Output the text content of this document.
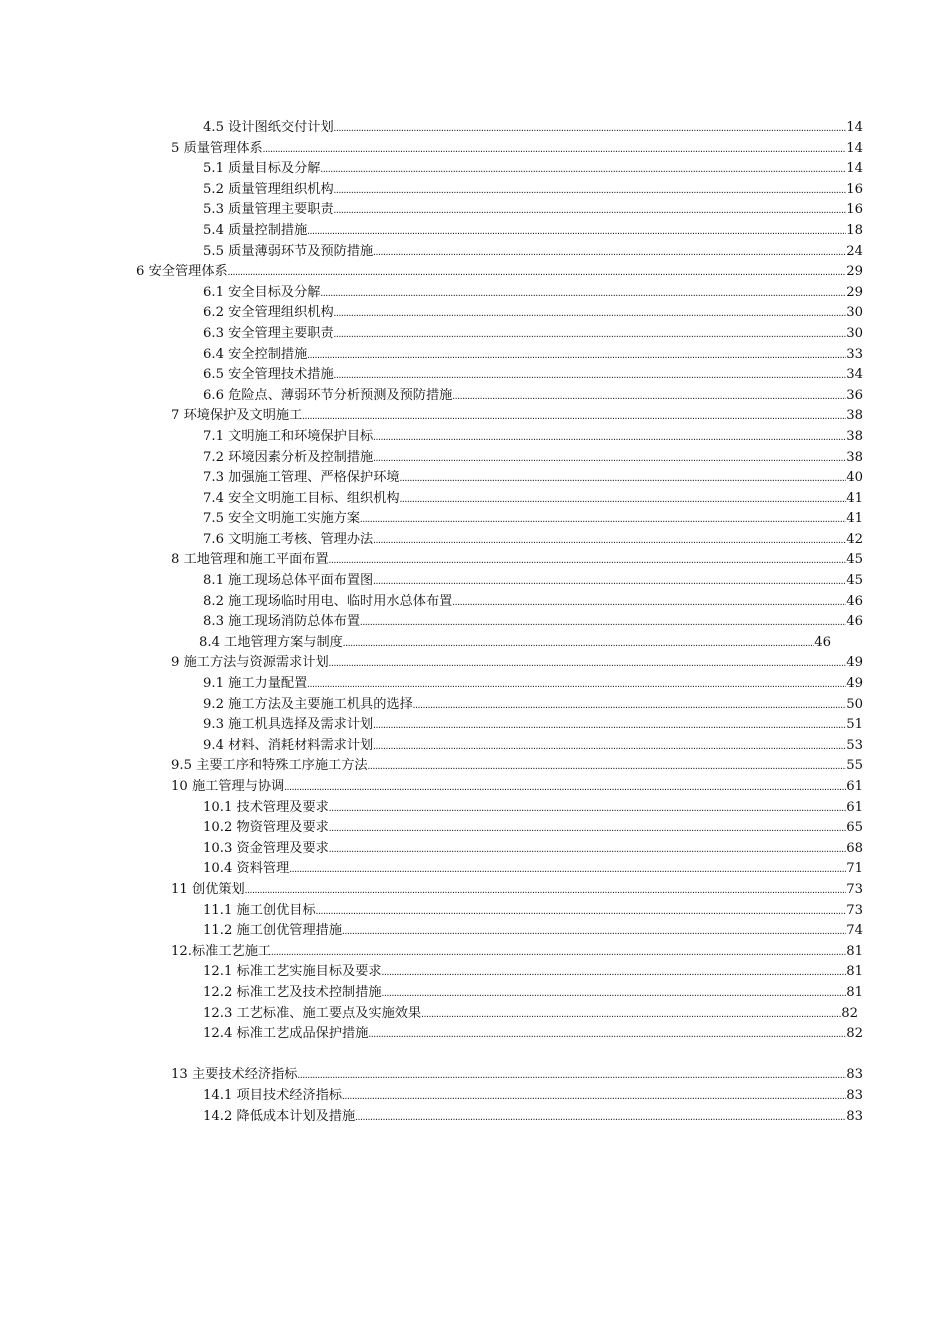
4.5 设计图纸交付计划 .....	14
5 质量管理体系 .....	14
5.1 质量目标及分解 .....	14
5.2 质量管理组织机构 .....	16
5.3 质量管理主要职责 .....	16
5.4 质量控制措施 .....	18
5.5 质量薄弱环节及预防措施 .....	24
6 安全管理体系 .....	29
6.1 安全目标及分解 .....	29
6.2 安全管理组织机构 .....	30
6.3 安全管理主要职责 .....	30
6.4 安全控制措施 .....	33
6.5 安全管理技术措施 .....	34
6.6 危险点、薄弱环节分析预测及预防措施 .....	36
7 环境保护及文明施工 .....	38
7.1 文明施工和环境保护目标 .....	38
7.2 环境因素分析及控制措施 .....	38
7.3 加强施工管理、严格保护环境 .....	40
7.4 安全文明施工目标、组织机构 .....	41
7.5 安全文明施工实施方案 .....	41
7.6 文明施工考核、管理办法 .....	42
8 工地管理和施工平面布置 .....	45
8.1 施工现场总体平面布置图 .....	45
8.2 施工现场临时用电、临时用水总体布置 .....	46
8.3 施工现场消防总体布置 .....	46
8.4 工地管理方案与制度 .....	46
9 施工方法与资源需求计划 .....	49
9.1 施工力量配置 .....	49
9.2 施工方法及主要施工机具的选择 .....	50
9.3 施工机具选择及需求计划 .....	51
9.4 材料、消耗材料需求计划 .....	53
9.5 主要工序和特殊工序施工方法 .....	55
10 施工管理与协调 .....	61
10.1 技术管理及要求 .....	61
10.2 物资管理及要求 .....	65
10.3 资金管理及要求 .....	68
10.4 资料管理 .....	71
11 创优策划 .....	73
11.1 施工创优目标 .....	73
11.2 施工创优管理措施 .....	74
12.标准工艺施工 .....	81
12.1 标准工艺实施目标及要求 .....	81
12.2 标准工艺及技术控制措施 .....	81
12.3 工艺标准、施工要点及实施效果 .....	82
12.4 标准工艺成品保护措施 .....	82
13 主要技术经济指标 .....	83
14.1 项目技术经济指标 .....	83
14.2 降低成本计划及措施 .....	83
